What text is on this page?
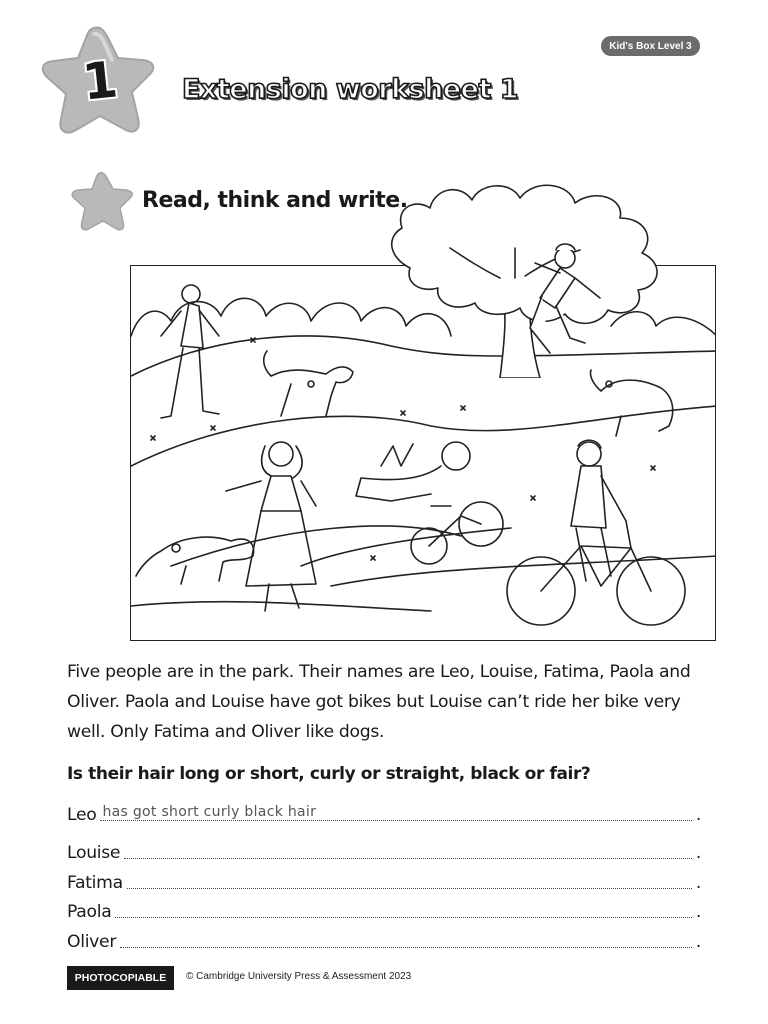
Kid's Box Level 3
1	Extension worksheet 1
Read, think and write.
Five people are in the park. Their names are Leo, Louise, Fatima, Paola and Oliver. Paola and Louise have got bikes but Louise can’t ride her bike very well. Only Fatima and Oliver like dogs.
Is their hair long or short, curly or straight, black or fair?
Leo has got short curly black hair	.
Louise	.
Fatima	.
Paola	.
Oliver	.
PHOTOCOPIABLE	© Cambridge University Press & Assessment 2023
